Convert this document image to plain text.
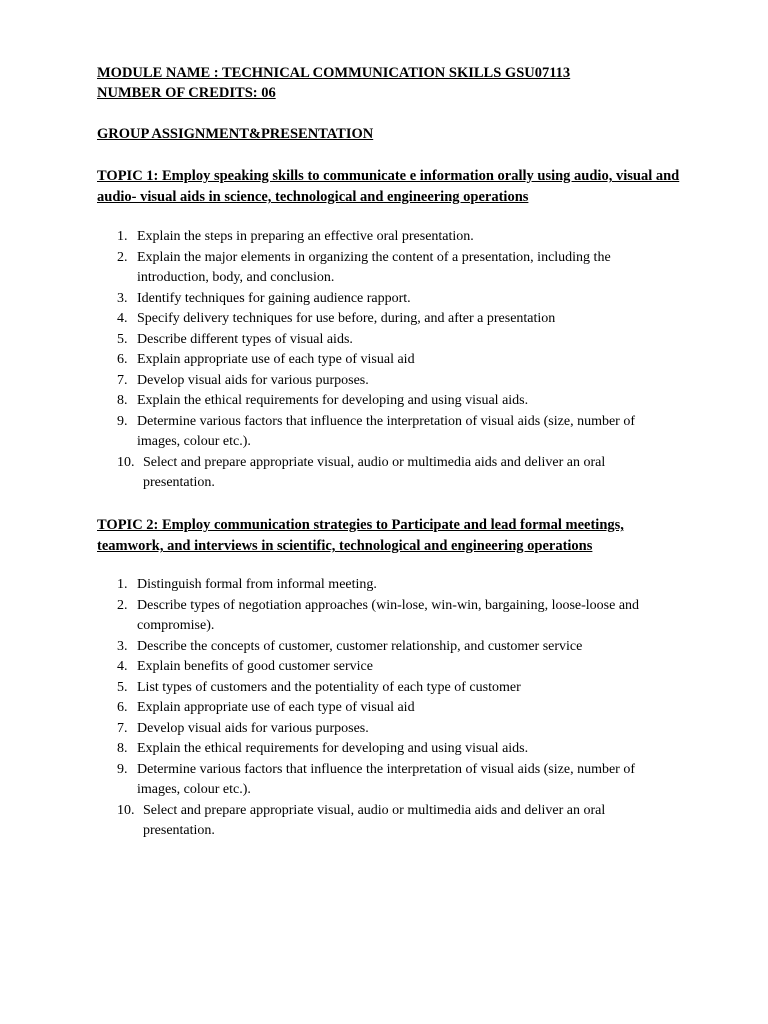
MODULE NAME : TECHNICAL COMMUNICATION SKILLS GSU07113

NUMBER OF CREDITS: 06

GROUP ASSIGNMENT&PRESENTATION

TOPIC 1: Employ speaking skills to communicate e information orally using audio, visual and audio- visual aids in science, technological and engineering operations

1. Explain the steps in preparing an effective oral presentation.
2. Explain the major elements in organizing the content of a presentation, including the introduction, body, and conclusion.
3. Identify techniques for gaining audience rapport.
4. Specify delivery techniques for use before, during, and after a presentation
5. Describe different types of visual aids.
6. Explain appropriate use of each type of visual aid
7. Develop visual aids for various purposes.
8. Explain the ethical requirements for developing and using visual aids.
9. Determine various factors that influence the interpretation of visual aids (size, number of images, colour etc.).
10. Select and prepare appropriate visual, audio or multimedia aids and deliver an oral presentation.

TOPIC 2: Employ communication strategies to Participate and lead formal meetings, teamwork, and interviews in scientific, technological and engineering operations

1. Distinguish formal from informal meeting.
2. Describe types of negotiation approaches (win-lose, win-win, bargaining, loose-loose and compromise).
3. Describe the concepts of customer, customer relationship, and customer service
4. Explain benefits of good customer service
5. List types of customers and the potentiality of each type of customer
6. Explain appropriate use of each type of visual aid
7. Develop visual aids for various purposes.
8. Explain the ethical requirements for developing and using visual aids.
9. Determine various factors that influence the interpretation of visual aids (size, number of images, colour etc.).
10. Select and prepare appropriate visual, audio or multimedia aids and deliver an oral presentation.
